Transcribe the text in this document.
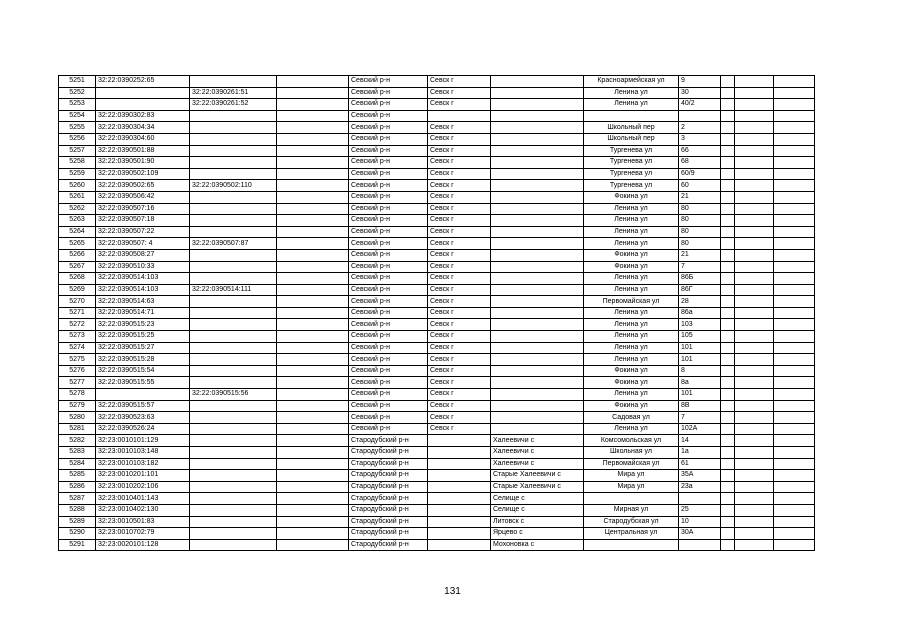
5251	32:22:0390252:65			Севский р-н	Севск г		Красноармейская ул	9			
5252		32:22:0390261:51		Севский р-н	Севск г		Ленина ул	30			
5253		32:22:0390261:52		Севский р-н	Севск г		Ленина ул	40/2			
5254	32:22:0390302:83			Севский р-н							
5255	32:22:0390304:34			Севский р-н	Севск г		Школьный пер	2			
5256	32:22:0390304:60			Севский р-н	Севск г		Школьный пер	3			
5257	32:22:0390501:88			Севский р-н	Севск г		Тургенева ул	66			
5258	32:22:0390501:90			Севский р-н	Севск г		Тургенева ул	68			
5259	32:22:0390502:109			Севский р-н	Севск г		Тургенева ул	60/9			
5260	32:22:0390502:65	32:22:0390502:110		Севский р-н	Севск г		Тургенева ул	60			
5261	32:22:0390506:42			Севский р-н	Севск г		Фокина ул	21			
5262	32:22:0390507:16			Севский р-н	Севск г		Ленина ул	80			
5263	32:22:0390507:18			Севский р-н	Севск г		Ленина ул	80			
5264	32:22:0390507:22			Севский р-н	Севск г		Ленина ул	80			
5265	32:22:0390507: 4	32:22:0390507:87		Севский р-н	Севск г		Ленина ул	80			
5266	32:22:0390508:27			Севский р-н	Севск г		Фокина ул	21			
5267	32:22:0390510:33			Севский р-н	Севск г		Фокина ул	7			
5268	32:22:0390514:103			Севский р-н	Севск г		Ленина ул	86Б			
5269	32:22:0390514:103	32:22:0390514:111		Севский р-н	Севск г		Ленина ул	86Г			
5270	32:22:0390514:63			Севский р-н	Севск г		Первомайская ул	28			
5271	32:22:0390514:71			Севский р-н	Севск г		Ленина ул	86а			
5272	32:22:0390515:23			Севский р-н	Севск г		Ленина ул	103			
5273	32:22:0390515:25			Севский р-н	Севск г		Ленина ул	105			
5274	32:22:0390515:27			Севский р-н	Севск г		Ленина ул	101			
5275	32:22:0390515:28			Севский р-н	Севск г		Ленина ул	101			
5276	32:22:0390515:54			Севский р-н	Севск г		Фокина ул	8			
5277	32:22:0390515:55			Севский р-н	Севск г		Фокина ул	8а			
5278		32:22:0390515:56		Севский р-н	Севск г		Ленина ул	101			
5279	32:22:0390515:57			Севский р-н	Севск г		Фокина ул	8В			
5280	32:22:0390523:63			Севский р-н	Севск г		Садовая ул	7			
5281	32:22:0390526:24			Севский р-н	Севск г		Ленина ул	102А			
5282	32:23:0010101:129			Стародубский р-н		Халеевичи с	Комсомольская ул	14			
5283	32:23:0010103:148			Стародубский р-н		Халеевичи с	Школьная ул	1а			
5284	32:23:0010103:182			Стародубский р-н		Халеевичи с	Первомайская ул	61			
5285	32:23:0010201:101			Стародубский р-н		Старые Халеевичи с	Мира ул	35А			
5286	32:23:0010202:106			Стародубский р-н		Старые Халеевичи с	Мира ул	23а			
5287	32:23:0010401:143			Стародубский р-н		Селище с					
5288	32:23:0010402:130			Стародубский р-н		Селище с	Мирная ул	25			
5289	32:23:0010501:83			Стародубский р-н		Литовск с	Стародубская ул	10			
5290	32:23:0010702:79			Стародубский р-н		Ярцево с	Центральная ул	30А			
5291	32:23:0020101:128			Стародубский р-н		Мохоновка с					
131
